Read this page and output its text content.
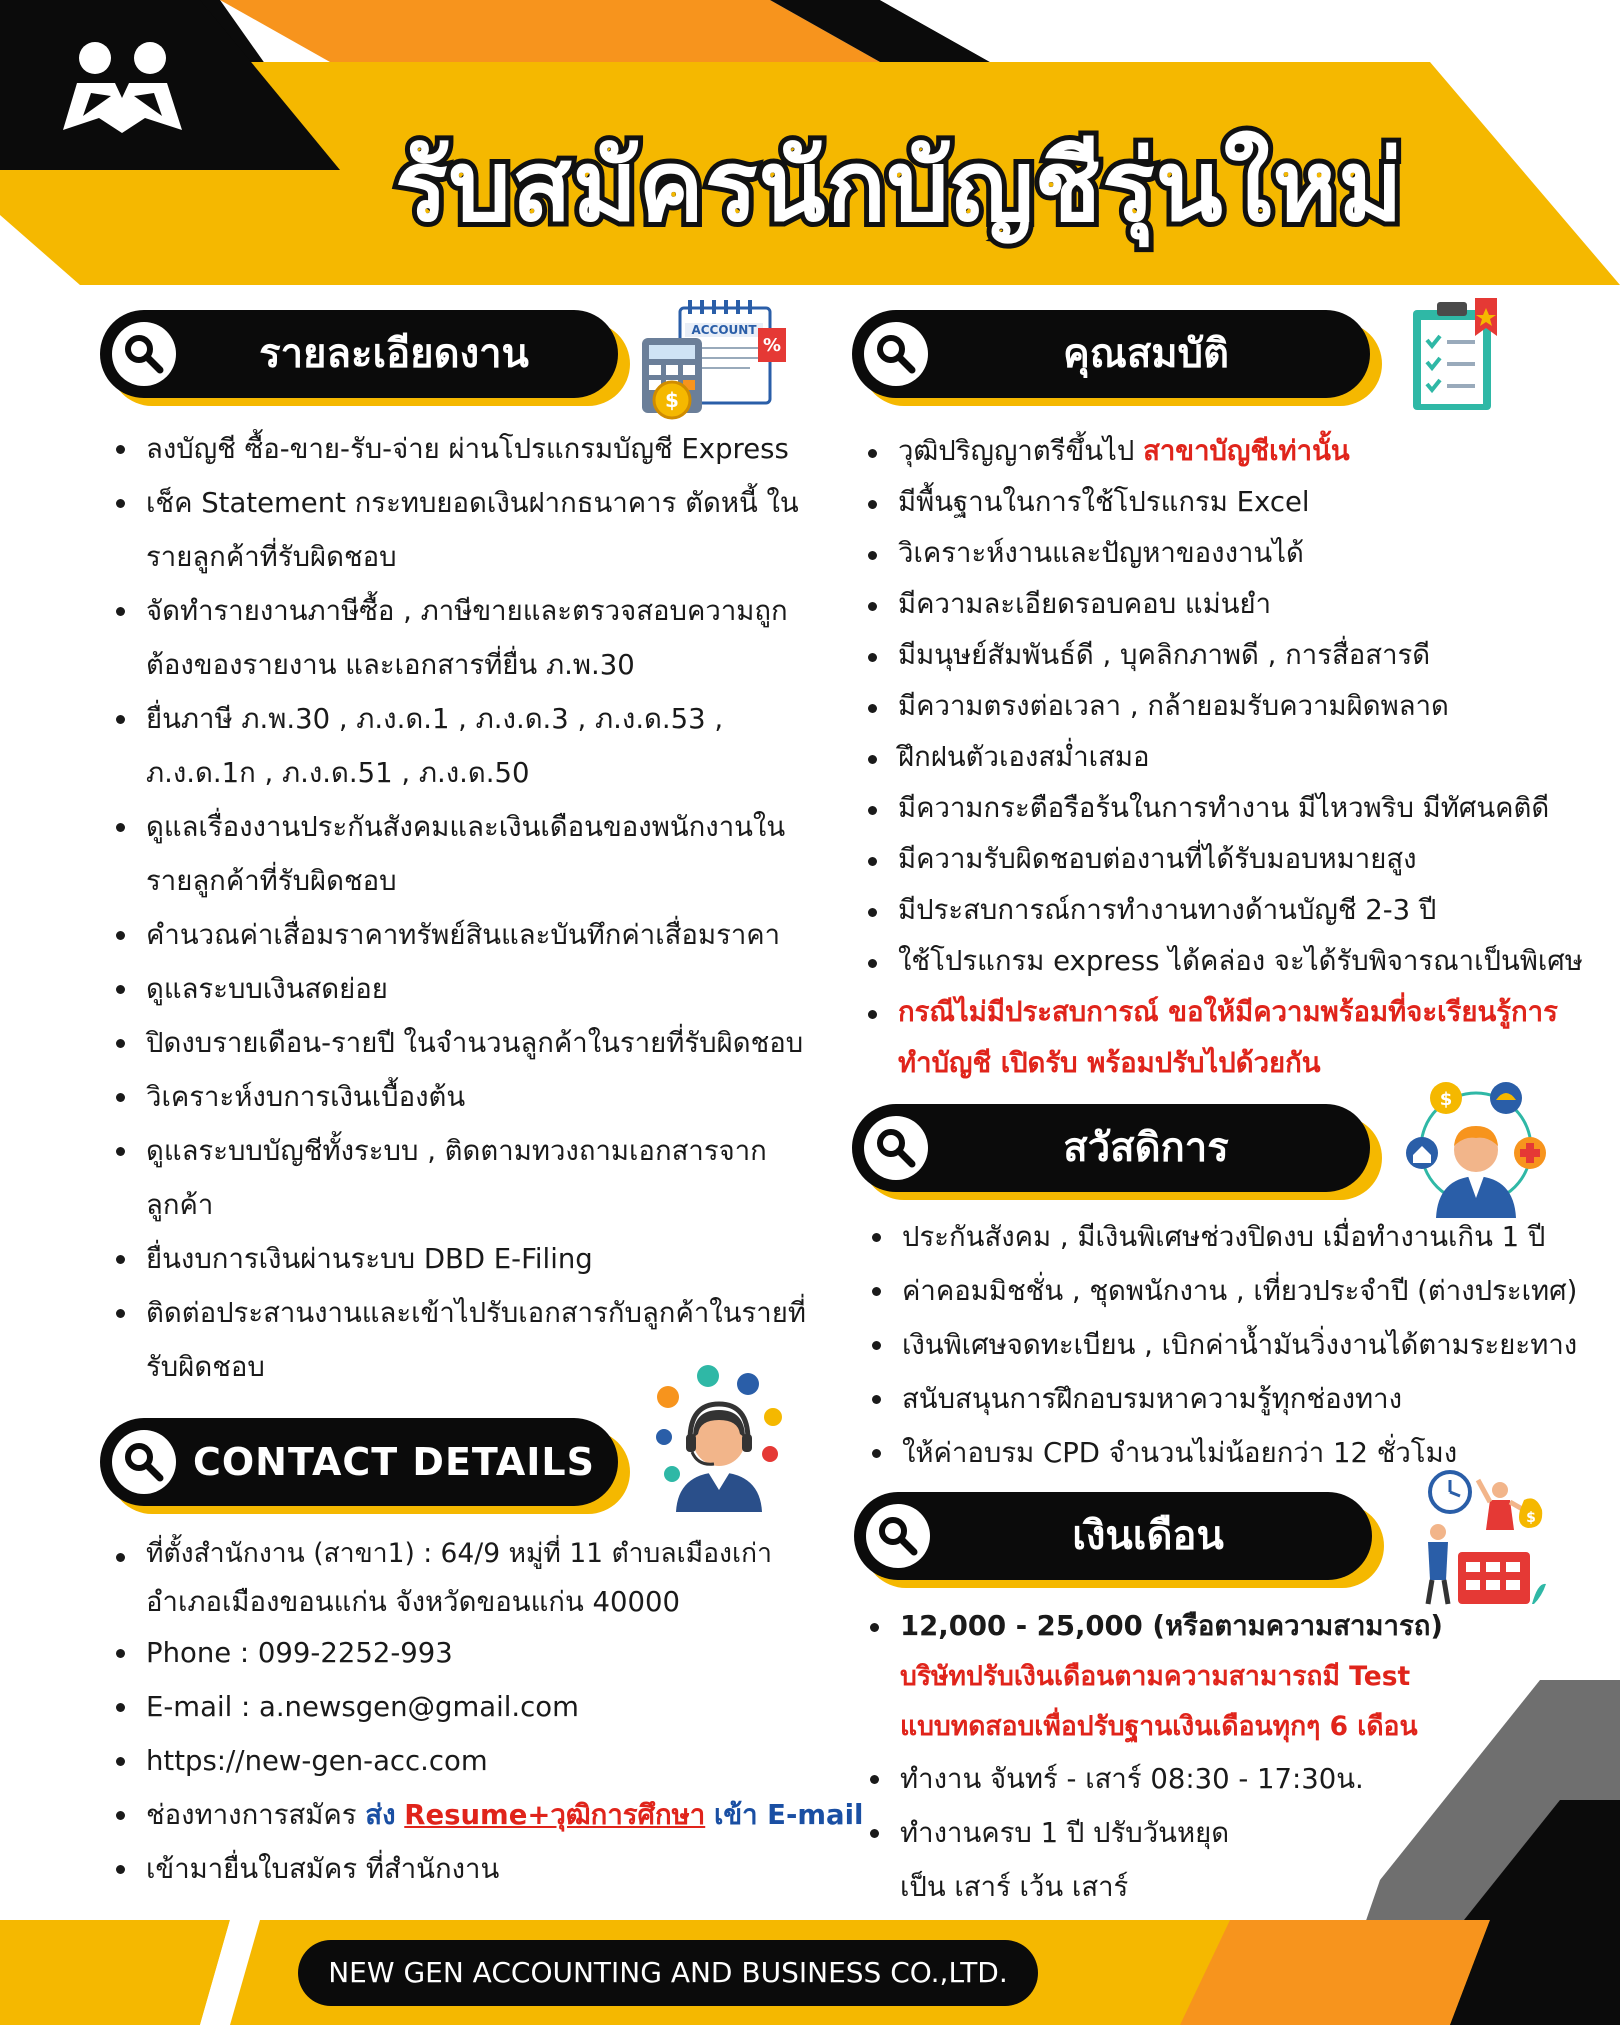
รับสมัครนักบัญชีรุ่นใหม่
รายละเอียดงาน
ACCOUNT
%
$
ลงบัญชี ซื้อ-ขาย-รับ-จ่าย ผ่านโปรแกรมบัญชี Express
เช็ค Statement กระทบยอดเงินฝากธนาคาร ตัดหนี้ ใน
รายลูกค้าที่รับผิดชอบ
จัดทำรายงานภาษีซื้อ , ภาษีขายและตรวจสอบความถูก
ต้องของรายงาน และเอกสารที่ยื่น ภ.พ.30
ยื่นภาษี ภ.พ.30 , ภ.ง.ด.1 , ภ.ง.ด.3 , ภ.ง.ด.53 ,
ภ.ง.ด.1ก , ภ.ง.ด.51 , ภ.ง.ด.50
ดูแลเรื่องงานประกันสังคมและเงินเดือนของพนักงานใน
รายลูกค้าที่รับผิดชอบ
คำนวณค่าเสื่อมราคาทรัพย์สินและบันทึกค่าเสื่อมราคา
ดูแลระบบเงินสดย่อย
ปิดงบรายเดือน-รายปี ในจำนวนลูกค้าในรายที่รับผิดชอบ
วิเคราะห์งบการเงินเบื้องต้น
ดูแลระบบบัญชีทั้งระบบ , ติดตามทวงถามเอกสารจาก
ลูกค้า
ยื่นงบการเงินผ่านระบบ DBD E-Filing
ติดต่อประสานงานและเข้าไปรับเอกสารกับลูกค้าในรายที่
รับผิดชอบ
CONTACT DETAILS
ที่ตั้งสำนักงาน (สาขา1) : 64/9 หมู่ที่ 11 ตำบลเมืองเก่า
อำเภอเมืองขอนแก่น จังหวัดขอนแก่น 40000
Phone : 099-2252-993
E-mail : a.newsgen@gmail.com
https://new-gen-acc.com
ช่องทางการสมัคร ส่ง Resume+วุฒิการศึกษา เข้า E-mail
เข้ามายื่นใบสมัคร ที่สำนักงาน
คุณสมบัติ
วุฒิปริญญาตรีขึ้นไป สาขาบัญชีเท่านั้น
มีพื้นฐานในการใช้โปรแกรม Excel
วิเคราะห์งานและปัญหาของงานได้
มีความละเอียดรอบคอบ แม่นยำ
มีมนุษย์สัมพันธ์ดี , บุคลิกภาพดี , การสื่อสารดี
มีความตรงต่อเวลา , กล้ายอมรับความผิดพลาด
ฝึกฝนตัวเองสม่ำเสมอ
มีความกระตือรือร้นในการทำงาน มีไหวพริบ มีทัศนคติดี
มีความรับผิดชอบต่องานที่ได้รับมอบหมายสูง
มีประสบการณ์การทำงานทางด้านบัญชี 2-3 ปี
ใช้โปรแกรม express ได้คล่อง จะได้รับพิจารณาเป็นพิเศษ
กรณีไม่มีประสบการณ์ ขอให้มีความพร้อมที่จะเรียนรู้การ
ทำบัญชี เปิดรับ พร้อมปรับไปด้วยกัน
สวัสดิการ
$
ประกันสังคม , มีเงินพิเศษช่วงปิดงบ เมื่อทำงานเกิน 1 ปี
ค่าคอมมิชชั่น , ชุดพนักงาน , เที่ยวประจำปี (ต่างประเทศ)
เงินพิเศษจดทะเบียน , เบิกค่าน้ำมันวิ่งงานได้ตามระยะทาง
สนับสนุนการฝึกอบรมหาความรู้ทุกช่องทาง
ให้ค่าอบรม CPD จำนวนไม่น้อยกว่า 12 ชั่วโมง
เงินเดือน	$
12,000 - 25,000 (หรือตามความสามารถ)
บริษัทปรับเงินเดือนตามความสามารถมี Test
แบบทดสอบเพื่อปรับฐานเงินเดือนทุกๆ 6 เดือน
ทำงาน จันทร์ - เสาร์ 08:30 - 17:30น.
ทำงานครบ 1 ปี ปรับวันหยุด
เป็น เสาร์ เว้น เสาร์
NEW GEN ACCOUNTING AND BUSINESS CO.,LTD.
